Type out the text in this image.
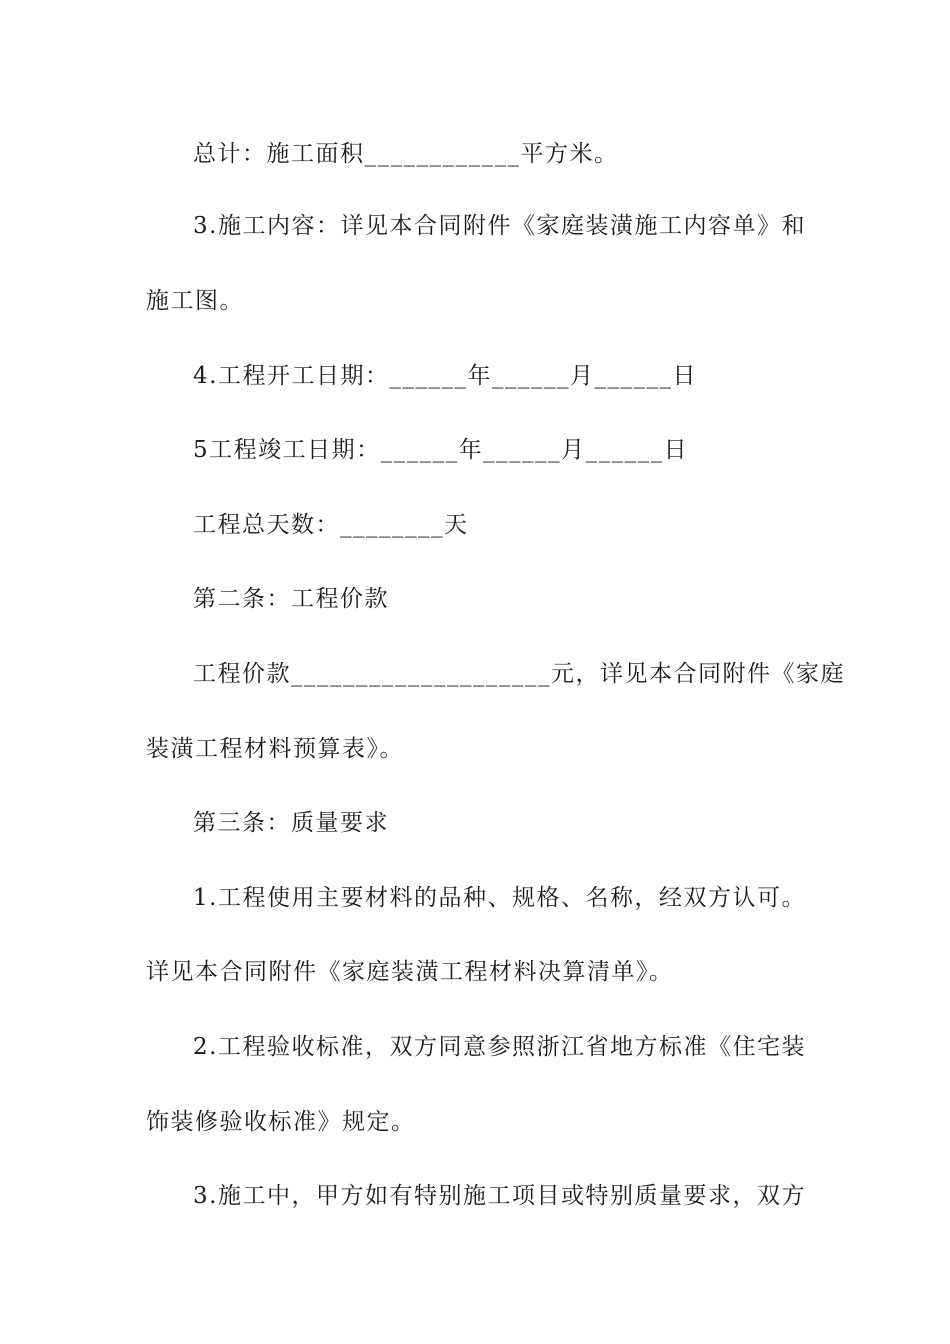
总计：施工面积____________平方米。
3.施工内容：详见本合同附件《家庭装潢施工内容单》和
施工图。
4.工程开工日期：______年______月______日
5工程竣工日期：______年______月______日
工程总天数：________天
第二条：工程价款
工程价款____________________元，详见本合同附件《家庭
装潢工程材料预算表》。
第三条：质量要求
1.工程使用主要材料的品种、规格、名称，经双方认可。
详见本合同附件《家庭装潢工程材料决算清单》。
2.工程验收标准，双方同意参照浙江省地方标准《住宅装
饰装修验收标准》规定。
3.施工中，甲方如有特别施工项目或特别质量要求，双方
